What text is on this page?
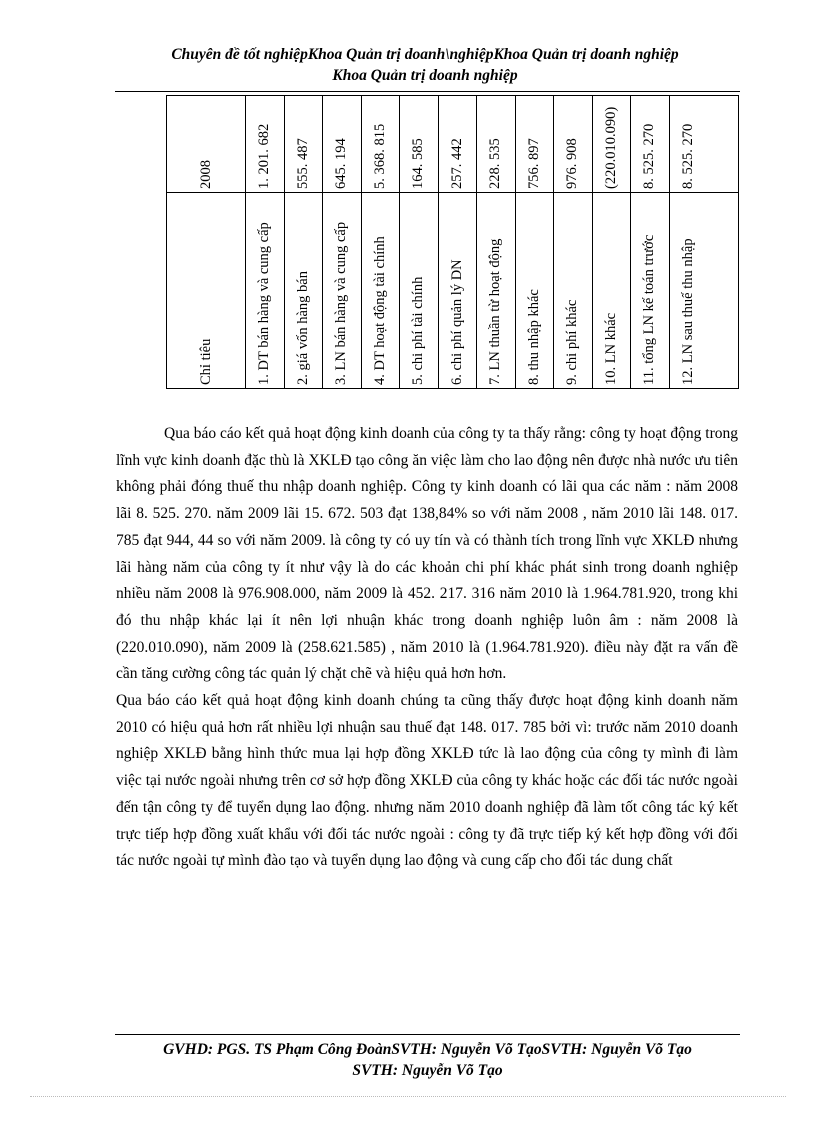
Chuyên đề tốt nghiệpKhoa Quản trị doanh\nghiệpKhoa Quản trị doanh nghiệp
Khoa Quản trị doanh nghiệp
2008
Chỉ tiêu
1. 201. 682
1. DT bán hàng và cung cấp
555. 487
2. giá vốn hàng bán
645. 194
3. LN bán hàng và cung cấp
5. 368. 815
4. DT hoạt động tài chính
164. 585
5. chi phí tài chính
257. 442
6. chi phí quản lý DN
228. 535
7. LN thuần từ hoạt động
756. 897
8. thu nhập khác
976. 908
9. chi phí khác
(220.010.090)
10. LN khác
8. 525. 270
11. tổng LN kế toán trước
8. 525. 270
12. LN sau thuế thu nhập

Qua báo cáo kết quả hoạt động kinh doanh của công ty ta thấy rằng: công ty hoạt động trong lĩnh vực kinh doanh đặc thù là XKLĐ tạo công ăn việc làm cho lao động nên được nhà nước ưu tiên không phải đóng thuế thu nhập doanh nghiệp. Công ty kinh doanh có lãi qua các năm : năm 2008 lãi 8. 525. 270. năm 2009 lãi 15. 672. 503 đạt 138,84% so với năm 2008 , năm 2010 lãi 148. 017. 785 đạt 944, 44 so với năm 2009. là công ty có uy tín và có thành tích trong lĩnh vực XKLĐ nhưng lãi hàng năm của công ty ít như vậy là do các khoản chi phí khác phát sinh trong doanh nghiệp nhiều năm 2008 là 976.908.000, năm 2009 là 452. 217. 316 năm 2010 là 1.964.781.920, trong khi đó thu nhập khác lại ít nên lợi nhuận khác trong doanh nghiệp luôn âm : năm 2008 là (220.010.090), năm 2009 là (258.621.585) , năm 2010 là (1.964.781.920). điều này đặt ra vấn đề cần tăng cường công tác quản lý chặt chẽ và hiệu quả hơn hơn.

Qua báo cáo kết quả hoạt động kinh doanh chúng ta cũng thấy được hoạt động kinh doanh năm 2010 có hiệu quả hơn rất nhiều lợi nhuận sau thuế đạt 148. 017. 785 bởi vì: trước năm 2010 doanh nghiệp XKLĐ bằng hình thức mua lại hợp đồng XKLĐ tức là lao động của công ty mình đi làm việc tại nước ngoài nhưng trên cơ sở hợp đồng XKLĐ của công ty khác hoặc các đối tác nước ngoài đến tận công ty để tuyển dụng lao động. nhưng năm 2010 doanh nghiệp đã làm tốt công tác ký kết trực tiếp hợp đồng xuất khẩu với đối tác nước ngoài : công ty đã trực tiếp ký kết hợp đồng với đối tác nước ngoài tự mình đào tạo và tuyển dụng lao động và cung cấp cho đối tác dung chất

GVHD: PGS. TS Phạm Công ĐoànSVTH: Nguyễn Võ TạoSVTH: Nguyễn Võ Tạo
SVTH: Nguyễn Võ Tạo
